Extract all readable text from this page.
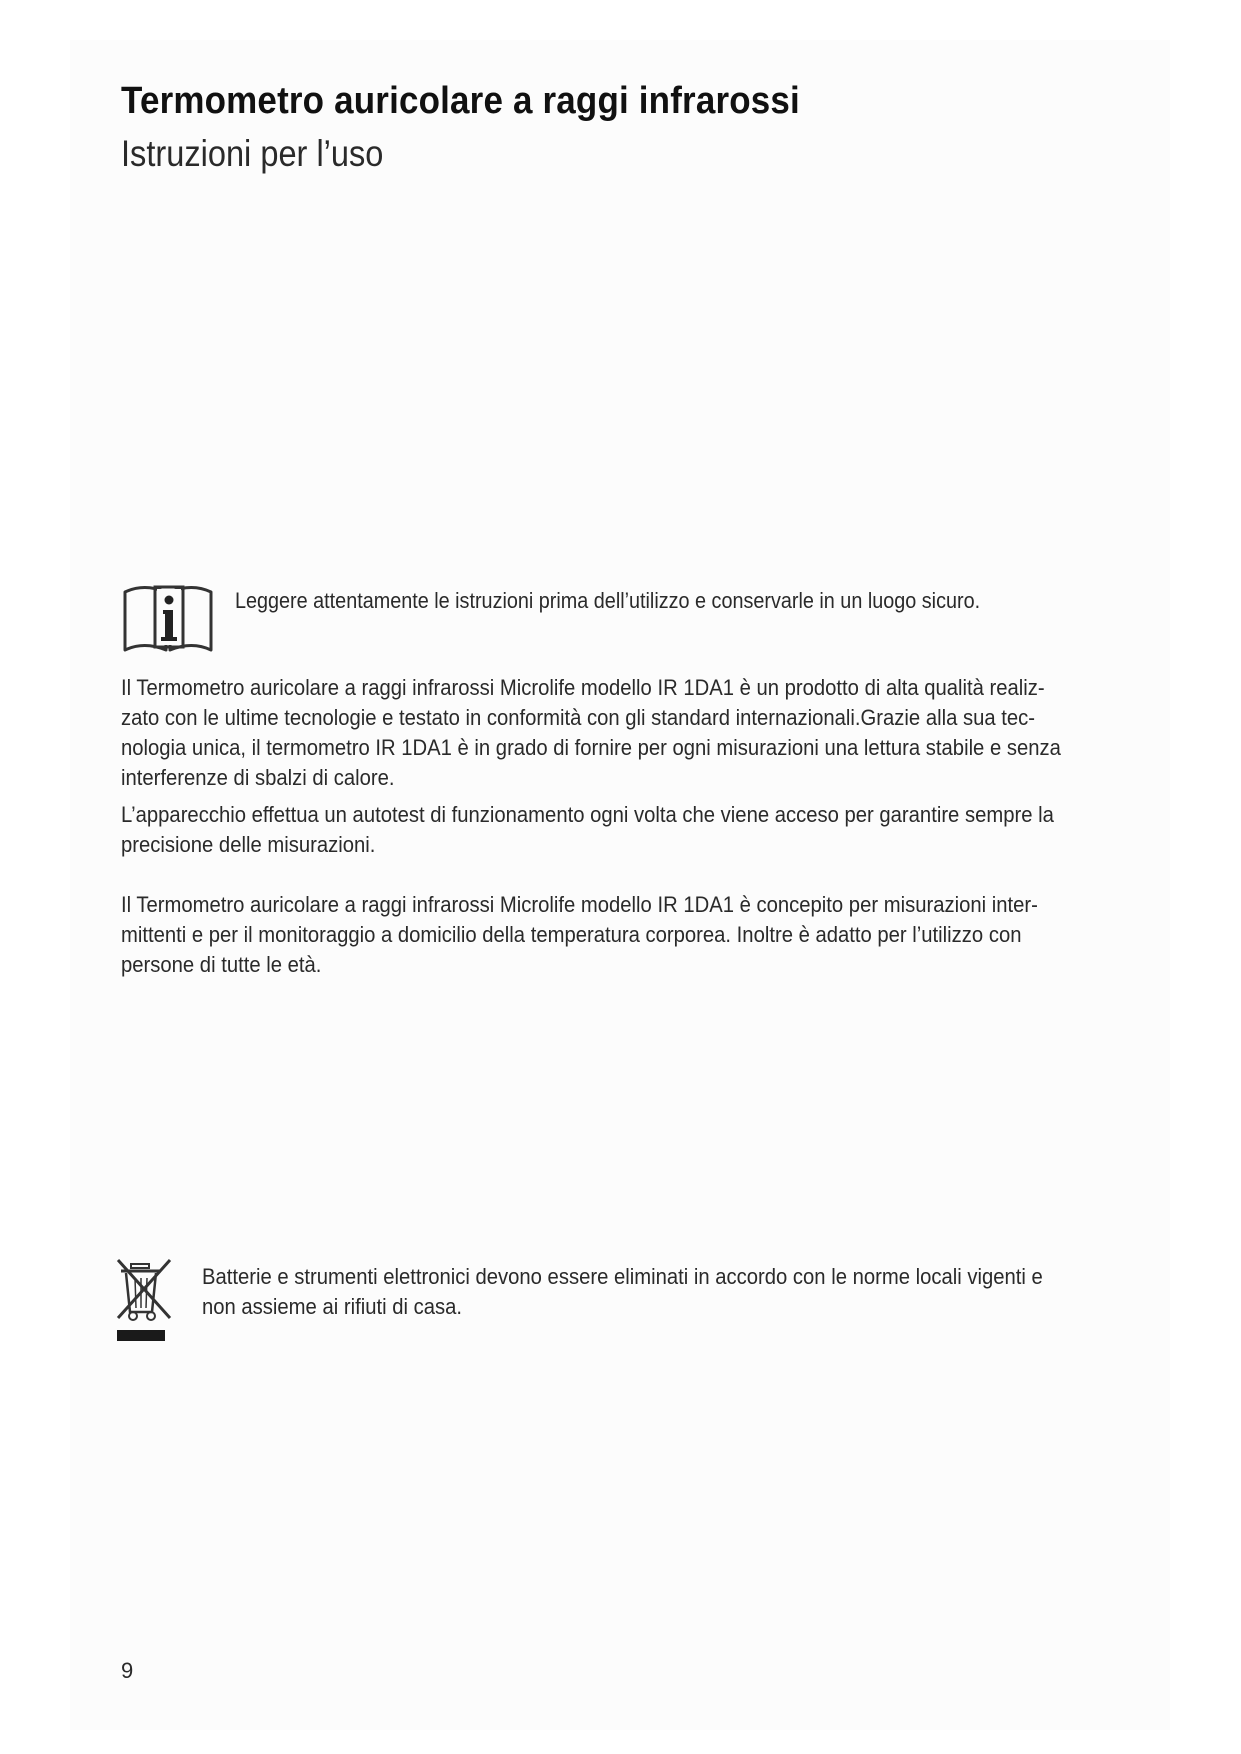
Termometro auricolare a raggi infrarossi
Istruzioni per l’uso
Leggere attentamente le istruzioni prima dell’utilizzo e conservarle in un luogo sicuro.

Il Termometro auricolare a raggi infrarossi Microlife modello IR 1DA1 è un prodotto di alta qualità realiz-

zato con le ultime tecnologie e testato in conformità con gli standard internazionali.Grazie alla sua tec-

nologia unica, il termometro IR 1DA1 è in grado di fornire per ogni misurazioni una lettura stabile e senza

interferenze di sbalzi di calore.

L’apparecchio effettua un autotest di funzionamento ogni volta che viene acceso per garantire sempre la

precisione delle misurazioni.

Il Termometro auricolare a raggi infrarossi Microlife modello IR 1DA1 è concepito per misurazioni inter-

mittenti e per il monitoraggio a domicilio della temperatura corporea. Inoltre è adatto per l’utilizzo con

persone di tutte le età.

Batterie e strumenti elettronici devono essere eliminati in accordo con le norme locali vigenti e

non assieme ai rifiuti di casa.

9
